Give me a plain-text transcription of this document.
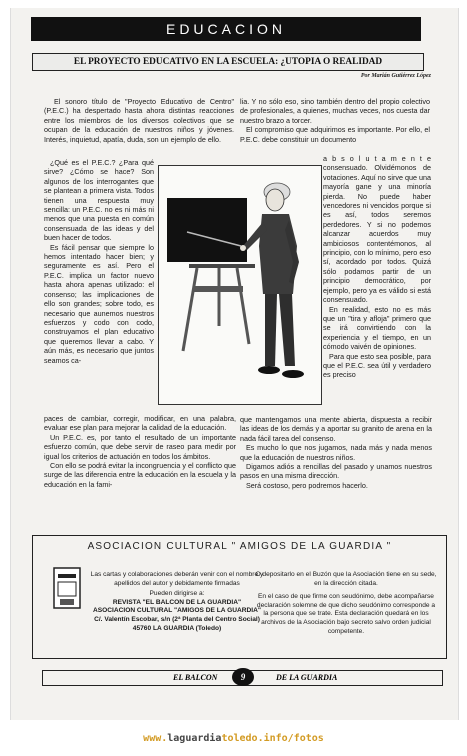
EDUCACION
EL PROYECTO EDUCATIVO EN LA ESCUELA: ¿UTOPIA O REALIDAD
Por Marián Gutiérrez López

El sonoro título de "Proyecto Educativo de Centro" (P.E.C.) ha despertado hasta ahora distintas reacciones entre los miembros de los diversos colectivos que se ocupan de la educación de nuestros niños y jóvenes. Interés, inquietud, apatía, duda, son un ejemplo de ello.

¿Qué es el P.E.C.? ¿Para qué sirve? ¿Cómo se hace? Son algunos de los interrogantes que se plantean a primera vista. Todos tienen una respuesta muy sencilla: un P.E.C. no es ni más ni menos que una puesta en común consensuada de las ideas y del buen hacer de todos.

Es fácil pensar que siempre lo hemos intentado hacer bien; y seguramente es así. Pero el P.E.C. implica un factor nuevo hasta ahora apenas utilizado: el consenso; las implicaciones de ello son grandes; sobre todo, es necesario que aunemos nuestros esfuerzos y codo con codo, construyamos el plan educativo que queremos llevar a cabo. Y aún más, es necesario que juntos seamos ca-

paces de cambiar, corregir, modificar, en una palabra, evaluar ese plan para mejorar la calidad de la educación.

Un P.E.C. es, por tanto el resultado de un importante esfuerzo común, que debe servir de raseo para medir por igual los criterios de actuación en todos los ámbitos.

Con ello se podrá evitar la incongruencia y el conflicto que surge de las diferencia entre la educación en la escuela y la educación en la fami-

lia. Y no sólo eso, sino también dentro del propio colectivo de profesionales, a quienes, muchas veces, nos cuesta dar nuestro brazo a torcer.

El compromiso que adquirimos es importante. Por ello, el P.E.C. debe constituir un documento

a b s o l u t a m e n t e consensuado. Olvidémonos de votaciones. Aquí no sirve que una mayoría gane y una minoría pierda. No puede haber vencedores ni vencidos porque si es así, todos seremos perdedores. Y si no podemos alcanzar acuerdos muy ambiciosos contentémonos, al principio, con lo mínimo, pero eso sí, acordado por todos. Quizá sólo podamos partir de un principio democrático, por ejemplo, pero ya es válido si está consensuado.

En realidad, esto no es más que un "tira y afloja" primero que se irá convirtiendo con la experiencia y el tiempo, en un cómodo vaivén de opiniones.

Para que esto sea posible, para que el P.E.C. sea útil y verdadero es preciso

que mantengamos una mente abierta, dispuesta a recibir las ideas de los demás y a aportar su granito de arena en la nada fácil tarea del consenso.

Es mucho lo que nos jugamos, nada más y nada menos que la educación de nuestros niños.

Digamos adiós a rencillas del pasado y unamos nuestros pasos en una misma dirección.

Será costoso, pero podremos hacerlo.

ASOCIACION CULTURAL " AMIGOS DE LA GUARDIA "
Las cartas y colaboraciones deberán venir con el nombre y apellidos del autor y debidamente firmadas
Pueden dirigirse a:
REVISTA "EL BALCON DE LA GUARDIA"
ASOCIACION CULTURAL "AMIGOS DE LA GUARDIA"
C/. Valentín Escobar, s/n (2ª Planta del Centro Social)
45760 LA GUARDIA (Toledo)

O depositarlo en el Buzón que la Asociación tiene en su sede, en la dirección citada.

En el caso de que firme con seudónimo, debe acompañarse declaración solemne de que dicho seudónimo corresponde a la persona que se trate. Esta declaración quedará en los archivos de la Asociación bajo secreto salvo orden judicial competente.

EL BALCON	DE LA GUARDIA
9
www.laguardiatoledo.info/fotos
